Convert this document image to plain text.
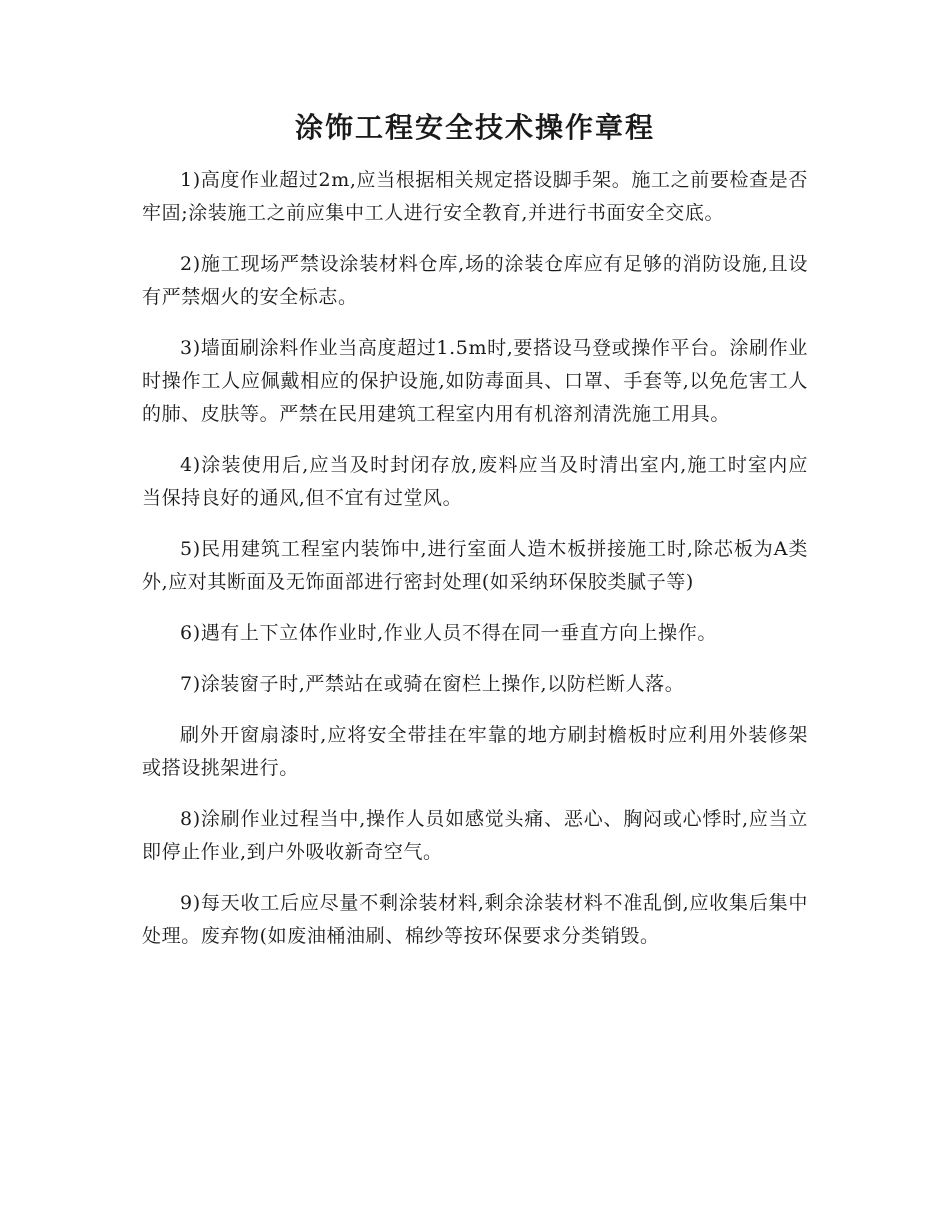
涂饰工程安全技术操作章程

1)高度作业超过2m,应当根据相关规定搭设脚手架。施工之前要检查是否牢固;涂装施工之前应集中工人进行安全教育,并进行书面安全交底。

2)施工现场严禁设涂装材料仓库,场的涂装仓库应有足够的消防设施,且设有严禁烟火的安全标志。

3)墙面刷涂料作业当高度超过1.5m时,要搭设马登或操作平台。涂刷作业时操作工人应佩戴相应的保护设施,如防毒面具、口罩、手套等,以免危害工人的肺、皮肤等。严禁在民用建筑工程室内用有机溶剂清洗施工用具。

4)涂装使用后,应当及时封闭存放,废料应当及时清出室内,施工时室内应当保持良好的通风,但不宜有过堂风。

5)民用建筑工程室内装饰中,进行室面人造木板拼接施工时,除芯板为A类外,应对其断面及无饰面部进行密封处理(如采纳环保胶类腻子等)

6)遇有上下立体作业时,作业人员不得在同一垂直方向上操作。

7)涂装窗子时,严禁站在或骑在窗栏上操作,以防栏断人落。

刷外开窗扇漆时,应将安全带挂在牢靠的地方刷封檐板时应利用外装修架或搭设挑架进行。

8)涂刷作业过程当中,操作人员如感觉头痛、恶心、胸闷或心悸时,应当立即停止作业,到户外吸收新奇空气。

9)每天收工后应尽量不剩涂装材料,剩余涂装材料不准乱倒,应收集后集中处理。废弃物(如废油桶油刷、棉纱等按环保要求分类销毁。
